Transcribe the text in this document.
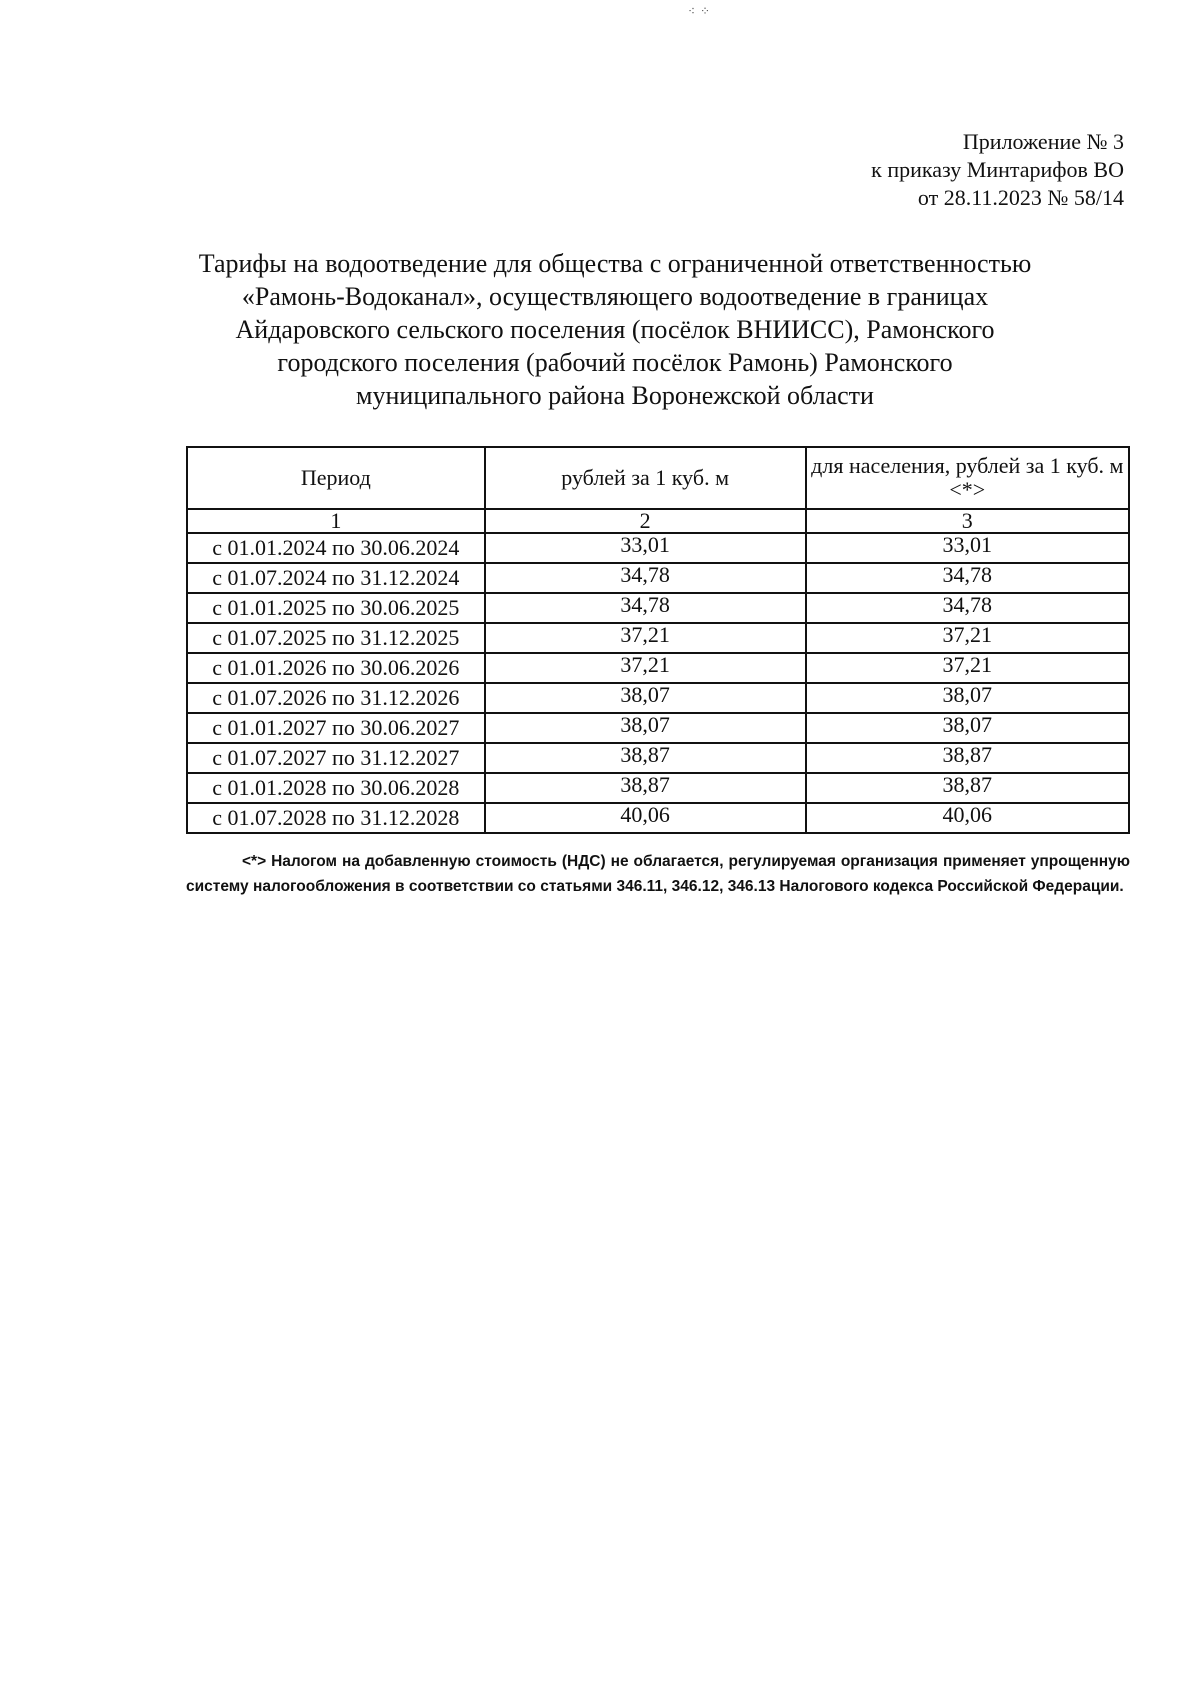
⁖ ⁘
Приложение № 3
к приказу Минтарифов ВО
от 28.11.2023 № 58/14
Тарифы на водоотведение для общества с ограниченной ответственностью
«Рамонь-Водоканал», осуществляющего водоотведение в границах
Айдаровского сельского поселения (посёлок ВНИИСС), Рамонского
городского поселения (рабочий посёлок Рамонь) Рамонского
муниципального района Воронежской области
Период	рублей за 1 куб. м	для населения, рублей за 1 куб. м <*>
1	2	3
с 01.01.2024 по 30.06.2024	33,01	33,01
с 01.07.2024 по 31.12.2024	34,78	34,78
с 01.01.2025 по 30.06.2025	34,78	34,78
с 01.07.2025 по 31.12.2025	37,21	37,21
с 01.01.2026 по 30.06.2026	37,21	37,21
с 01.07.2026 по 31.12.2026	38,07	38,07
с 01.01.2027 по 30.06.2027	38,07	38,07
с 01.07.2027 по 31.12.2027	38,87	38,87
с 01.01.2028 по 30.06.2028	38,87	38,87
с 01.07.2028 по 31.12.2028	40,06	40,06
<*> Налогом на добавленную стоимость (НДС) не облагается, регулируемая организация применяет упрощенную систему налогообложения в соответствии со статьями 346.11, 346.12, 346.13 Налогового кодекса Российской Федерации.
